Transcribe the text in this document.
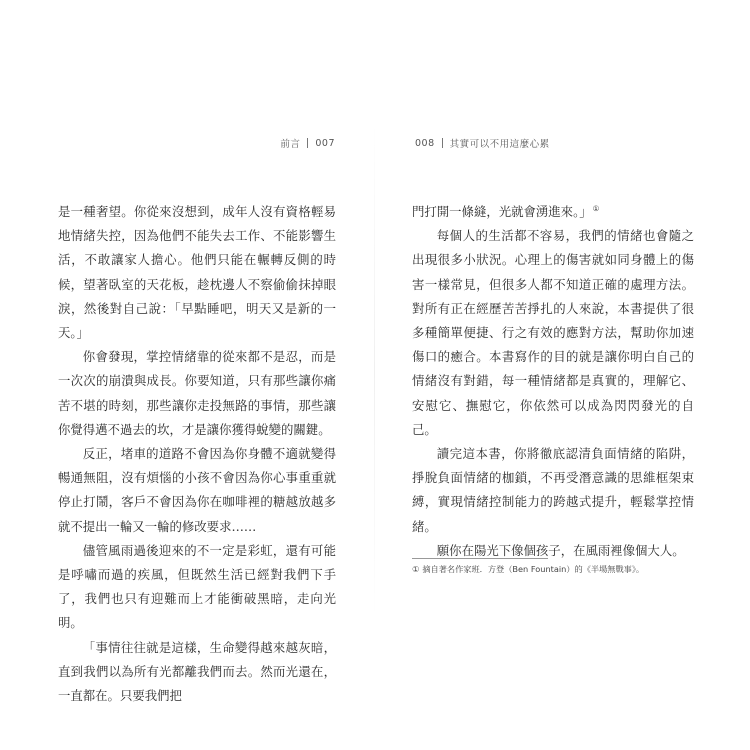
前言 007

是一種奢望。你從來沒想到，成年人沒有資格輕易地情緒失控，因為他們不能失去工作、不能影響生活，不敢讓家人擔心。他們只能在輾轉反側的時候，望著臥室的天花板，趁枕邊人不察偷偷抹掉眼淚，然後對自己說：「早點睡吧，明天又是新的一天。」

你會發現，掌控情緒靠的從來都不是忍，而是一次次的崩潰與成長。你要知道，只有那些讓你痛苦不堪的時刻，那些讓你走投無路的事情，那些讓你覺得邁不過去的坎，才是讓你獲得蛻變的關鍵。

反正，堵車的道路不會因為你身體不適就變得暢通無阻，沒有煩惱的小孩不會因為你心事重重就停止打鬧，客戶不會因為你在咖啡裡的糖越放越多就不提出一輪又一輪的修改要求……

儘管風雨過後迎來的不一定是彩虹，還有可能是呼嘯而過的疾風，但既然生活已經對我們下手了，我們也只有迎難而上才能衝破黑暗，走向光明。

「事情往往就是這樣，生命變得越來越灰暗，直到我們以為所有光都離我們而去。然而光還在，一直都在。只要我們把

008 其實可以不用這麼心累

門打開一條縫，光就會湧進來。」①

每個人的生活都不容易，我們的情緒也會隨之出現很多小狀況。心理上的傷害就如同身體上的傷害一樣常見，但很多人都不知道正確的處理方法。對所有正在經歷苦苦掙扎的人來說，本書提供了很多種簡單便捷、行之有效的應對方法，幫助你加速傷口的癒合。本書寫作的目的就是讓你明白自己的情緒沒有對錯，每一種情緒都是真實的，理解它、安慰它、撫慰它，你依然可以成為閃閃發光的自己。

讀完這本書，你將徹底認清負面情緒的陷阱，掙脫負面情緒的枷鎖，不再受潛意識的思維框架束縛，實現情緒控制能力的跨越式提升，輕鬆掌控情緒。

願你在陽光下像個孩子，在風雨裡像個大人。

① 摘自著名作家班．方登（Ben Fountain）的《半場無戰事》。
